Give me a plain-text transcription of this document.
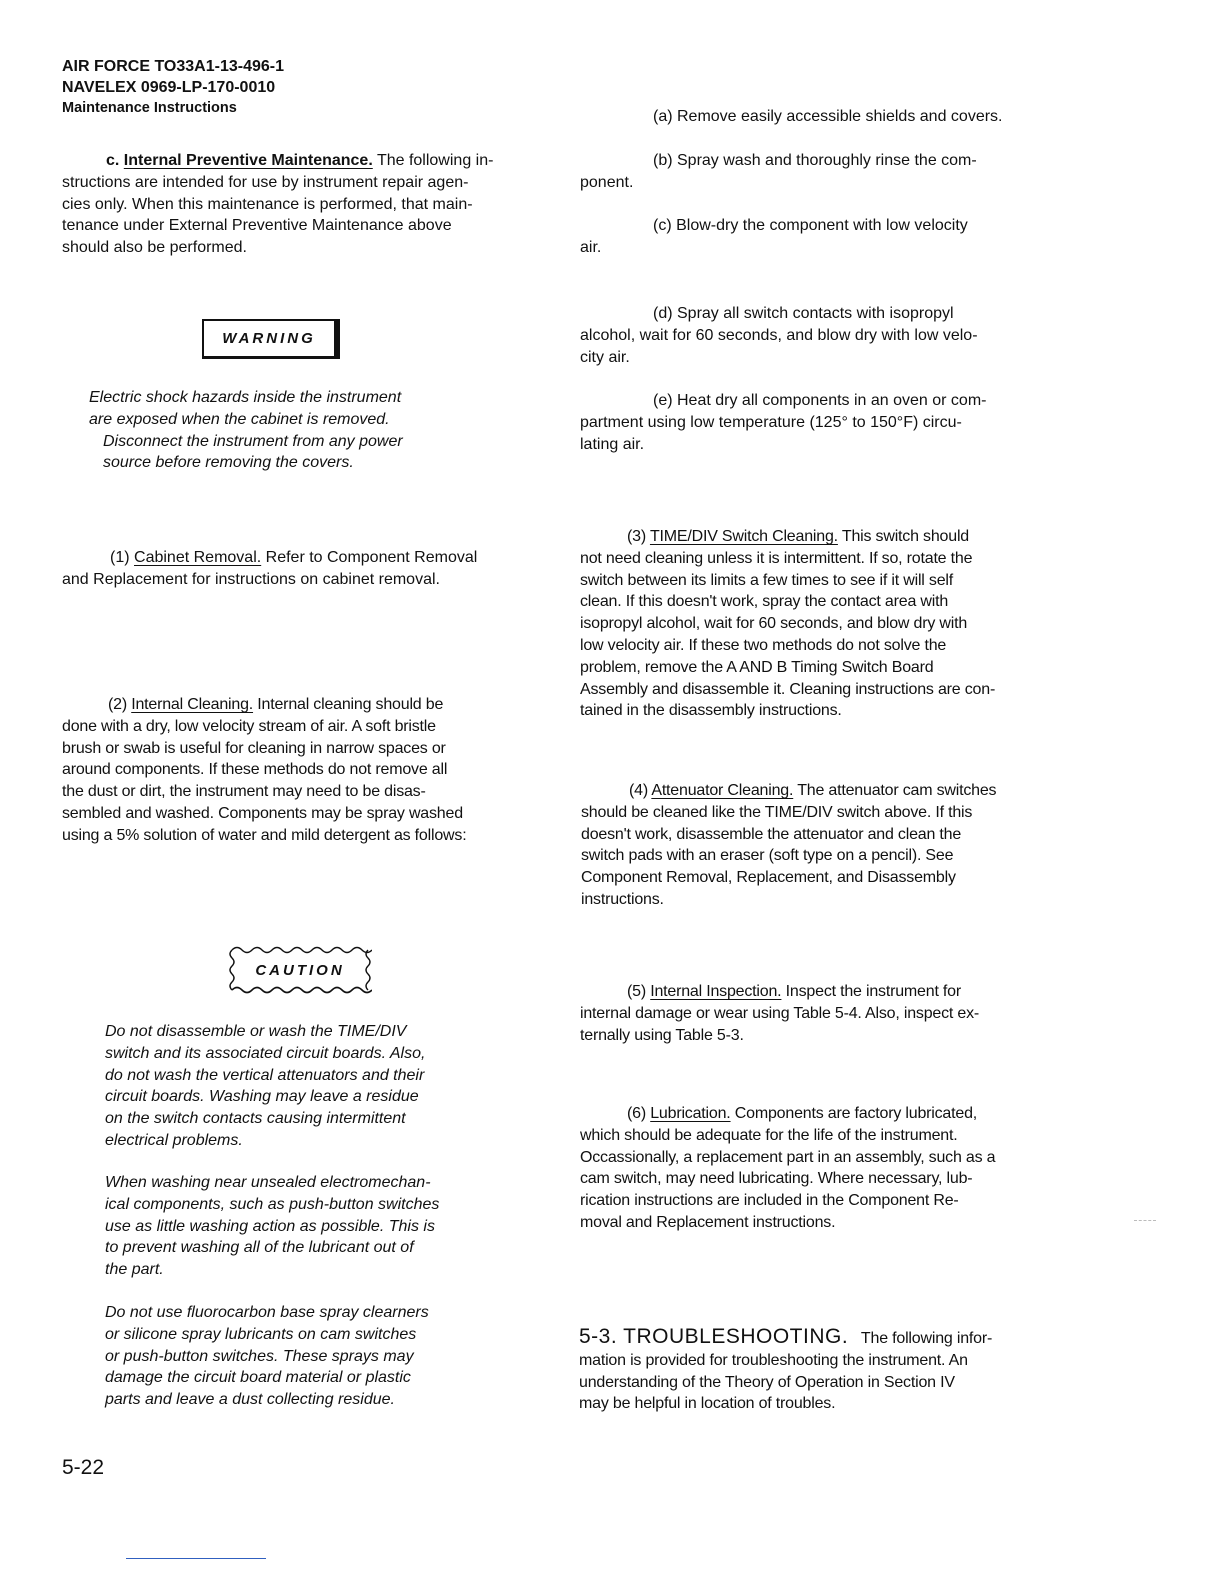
AIR FORCE TO33A1-13-496-1
NAVELEX 0969-LP-170-0010
Maintenance Instructions
c. Internal Preventive Maintenance. The following in-
structions are intended for use by instrument repair agen-
cies only. When this maintenance is performed, that main-
tenance under External Preventive Maintenance above
should also be performed.
WARNING
Electric shock hazards inside the instrument
are exposed when the cabinet is removed.
Disconnect the instrument from any power
source before removing the covers.
(1) Cabinet Removal. Refer to Component Removal
and Replacement for instructions on cabinet removal.
(2) Internal Cleaning. Internal cleaning should be
done with a dry, low velocity stream of air. A soft bristle
brush or swab is useful for cleaning in narrow spaces or
around components. If these methods do not remove all
the dust or dirt, the instrument may need to be disas-
sembled and washed. Components may be spray washed
using a 5% solution of water and mild detergent as follows:
CAUTION
Do not disassemble or wash the TIME/DIV
switch and its associated circuit boards. Also,
do not wash the vertical attenuators and their
circuit boards. Washing may leave a residue
on the switch contacts causing intermittent
electrical problems.
When washing near unsealed electromechan-
ical components, such as push-button switches
use as little washing action as possible. This is
to prevent washing all of the lubricant out of
the part.
Do not use fluorocarbon base spray clearners
or silicone spray lubricants on cam switches
or push-button switches. These sprays may
damage the circuit board material or plastic
parts and leave a dust collecting residue.
(a) Remove easily accessible shields and covers.
(b) Spray wash and thoroughly rinse the com-
ponent.
(c) Blow-dry the component with low velocity
air.
(d) Spray all switch contacts with isopropyl
alcohol, wait for 60 seconds, and blow dry with low velo-
city air.
(e) Heat dry all components in an oven or com-
partment using low temperature (125° to 150°F) circu-
lating air.
(3) TIME/DIV Switch Cleaning. This switch should
not need cleaning unless it is intermittent. If so, rotate the
switch between its limits a few times to see if it will self
clean. If this doesn't work, spray the contact area with
isopropyl alcohol, wait for 60 seconds, and blow dry with
low velocity air. If these two methods do not solve the
problem, remove the A AND B Timing Switch Board
Assembly and disassemble it. Cleaning instructions are con-
tained in the disassembly instructions.
(4) Attenuator Cleaning. The attenuator cam switches
should be cleaned like the TIME/DIV switch above. If this
doesn't work, disassemble the attenuator and clean the
switch pads with an eraser (soft type on a pencil). See
Component Removal, Replacement, and Disassembly
instructions.
(5) Internal Inspection. Inspect the instrument for
internal damage or wear using Table 5-4. Also, inspect ex-
ternally using Table 5-3.
(6) Lubrication. Components are factory lubricated,
which should be adequate for the life of the instrument.
Occassionally, a replacement part in an assembly, such as a
cam switch, may need lubricating. Where necessary, lub-
rication instructions are included in the Component Re-
moval and Replacement instructions.
5-3. TROUBLESHOOTING. The following infor-
mation is provided for troubleshooting the instrument. An
understanding of the Theory of Operation in Section IV
may be helpful in location of troubles.
5-22
